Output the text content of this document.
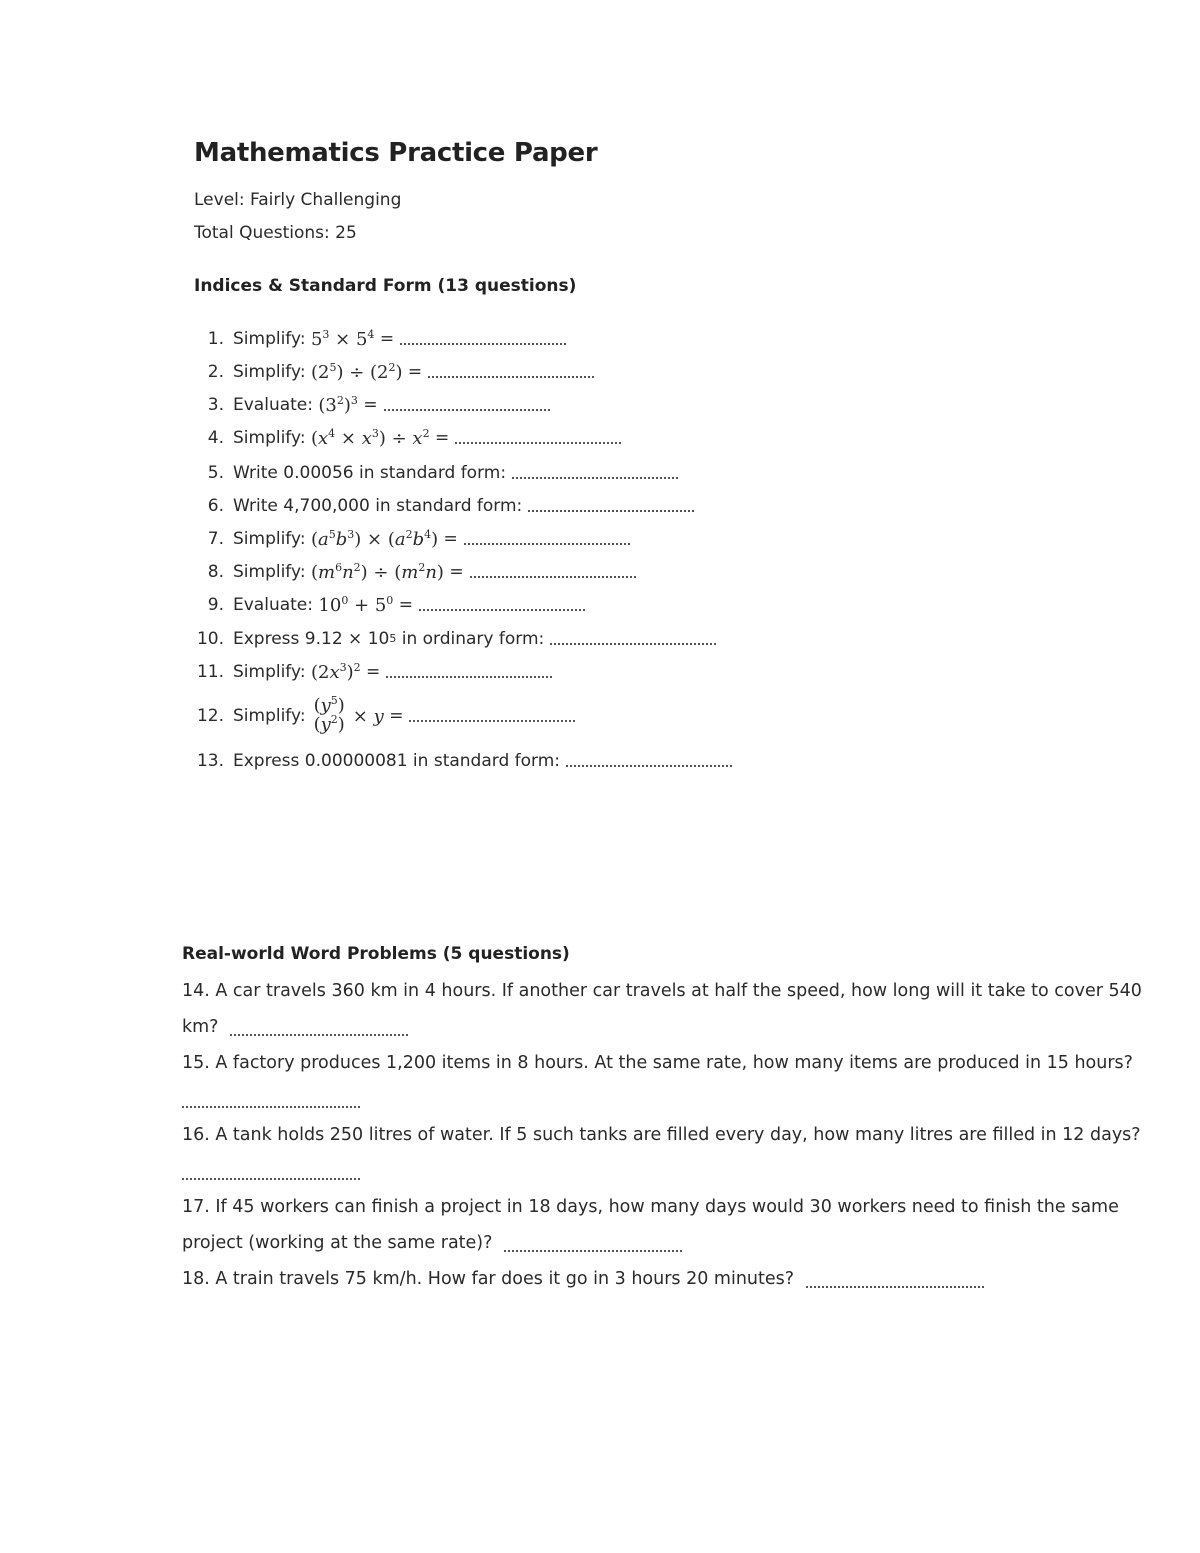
Mathematics Practice Paper
Level: Fairly Challenging
Total Questions: 25
Indices & Standard Form (13 questions)
1. Simplify:
$5^3 \times 5^4$
=
2. Simplify:
$(2^5) \div (2^2)$
=
3. Evaluate:
$(3^2)^3$
=
4. Simplify:
$(x^4 \times x^3) \div x^2$
=
5. Write 0.00056 in standard form:
6. Write 4,700,000 in standard form:
7. Simplify:
$(a^5b^3) \times (a^2b^4)$
=
8. Simplify:
$(m^6n^2) \div (m^2n)$
=
9. Evaluate:
$10^0 + 5^0$
=
10. Express 9.12 × 10 5
in ordinary form:
11. Simplify:
$(2x^3)^2$
=
12. Simplify: $(y^5)$
$(y^2) \times y$
=
13. Express 0.00000081 in standard form:
Real-world Word Problems (5 questions)

14. A car travels 360 km in 4 hours. If another car travels at half the speed, how long will it take to cover 540 km?

15. A factory produces 1,200 items in 8 hours. At the same rate, how many items are produced in 15 hours?

16. A tank holds 250 litres of water. If 5 such tanks are filled every day, how many litres are filled in 12 days?

17. If 45 workers can finish a project in 18 days, how many days would 30 workers need to finish the same project (working at the same rate)?

18. A train travels 75 km/h. How far does it go in 3 hours 20 minutes?
